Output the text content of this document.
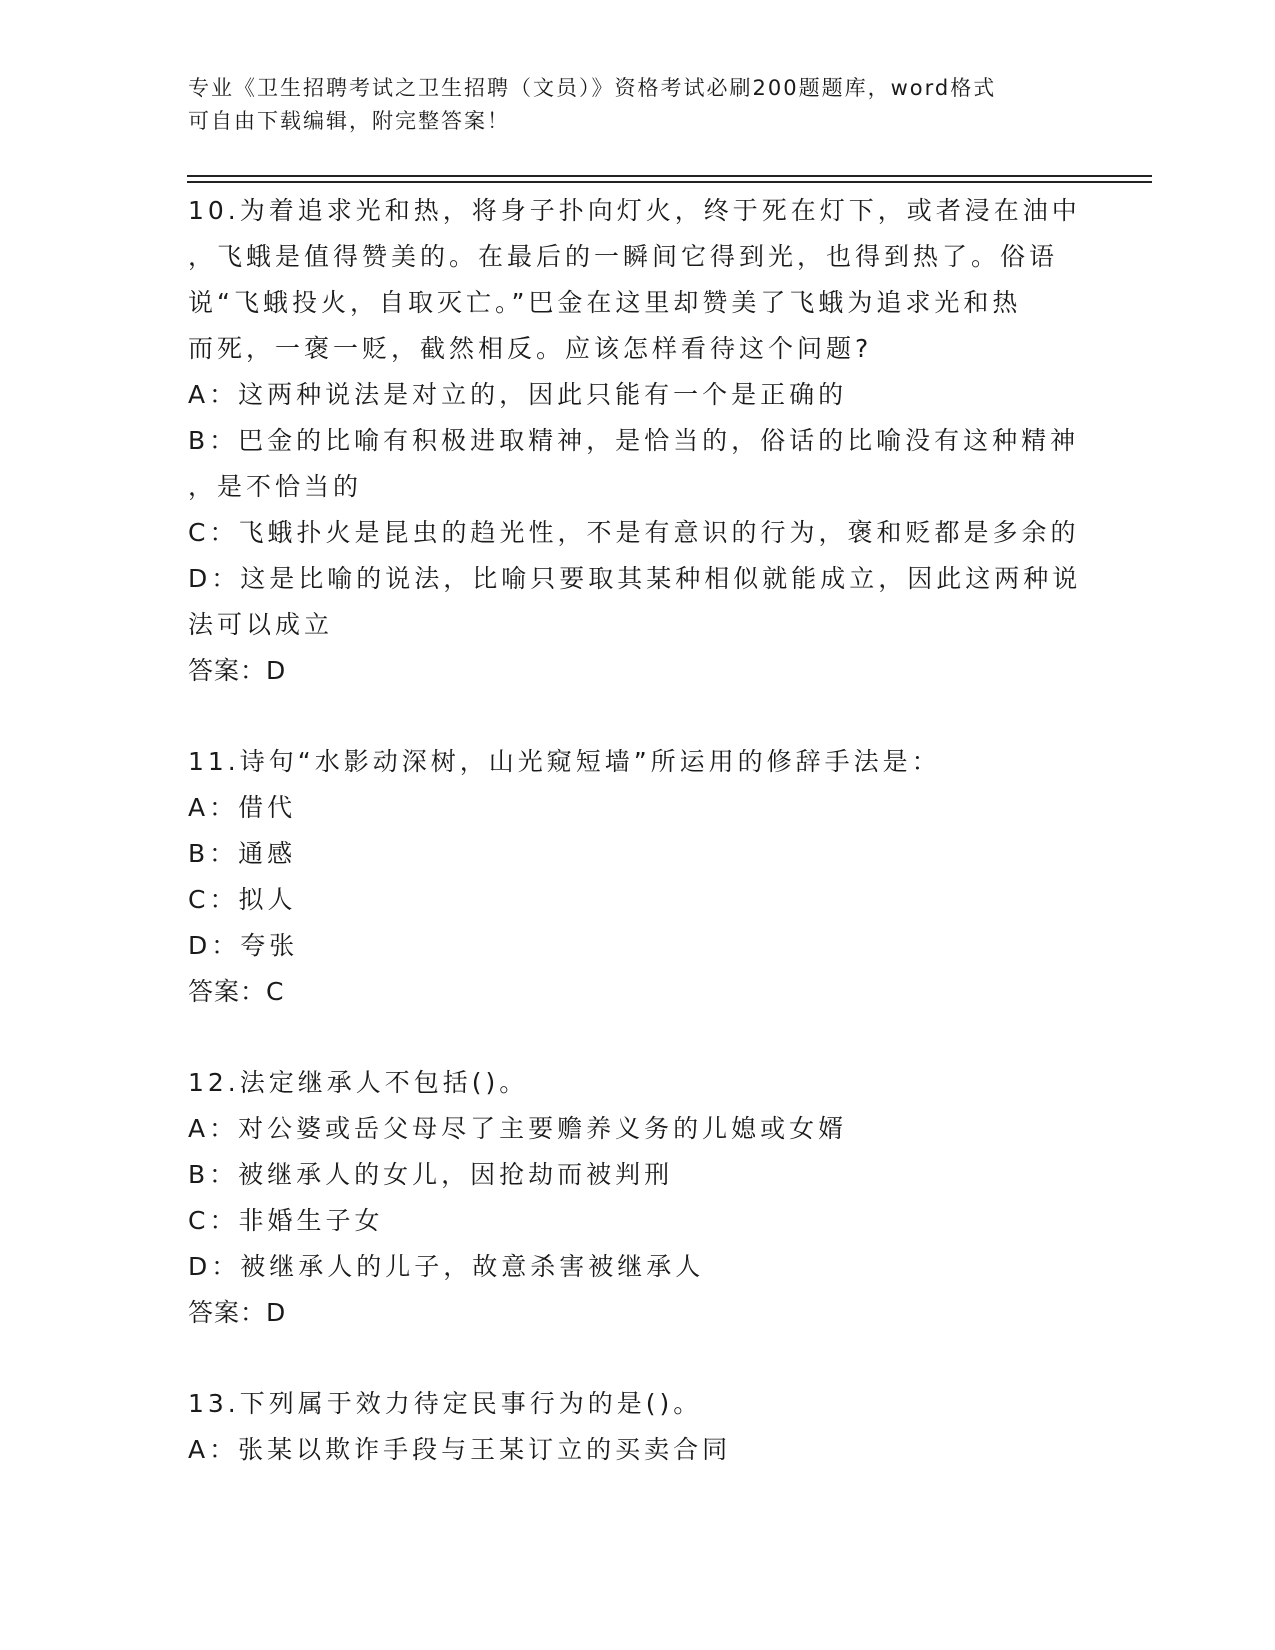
专业《卫生招聘考试之卫生招聘（文员）》资格考试必刷200题题库，word格式
可自由下载编辑，附完整答案！
10.为着追求光和热，将身子扑向灯火，终于死在灯下，或者浸在油中
，飞蛾是值得赞美的。在最后的一瞬间它得到光，也得到热了。俗语
说“飞蛾投火，自取灭亡。”巴金在这里却赞美了飞蛾为追求光和热
而死，一褒一贬，截然相反。应该怎样看待这个问题?
A：这两种说法是对立的，因此只能有一个是正确的
B：巴金的比喻有积极进取精神，是恰当的，俗话的比喻没有这种精神
，是不恰当的
C：飞蛾扑火是昆虫的趋光性，不是有意识的行为，褒和贬都是多余的
D：这是比喻的说法，比喻只要取其某种相似就能成立，因此这两种说
法可以成立
答案：D
11.诗句“水影动深树，山光窥短墙”所运用的修辞手法是：
A：借代
B：通感
C：拟人
D：夸张
答案：C
12.法定继承人不包括()。
A：对公婆或岳父母尽了主要赡养义务的儿媳或女婿
B：被继承人的女儿，因抢劫而被判刑
C：非婚生子女
D：被继承人的儿子，故意杀害被继承人
答案：D
13.下列属于效力待定民事行为的是()。
A：张某以欺诈手段与王某订立的买卖合同
